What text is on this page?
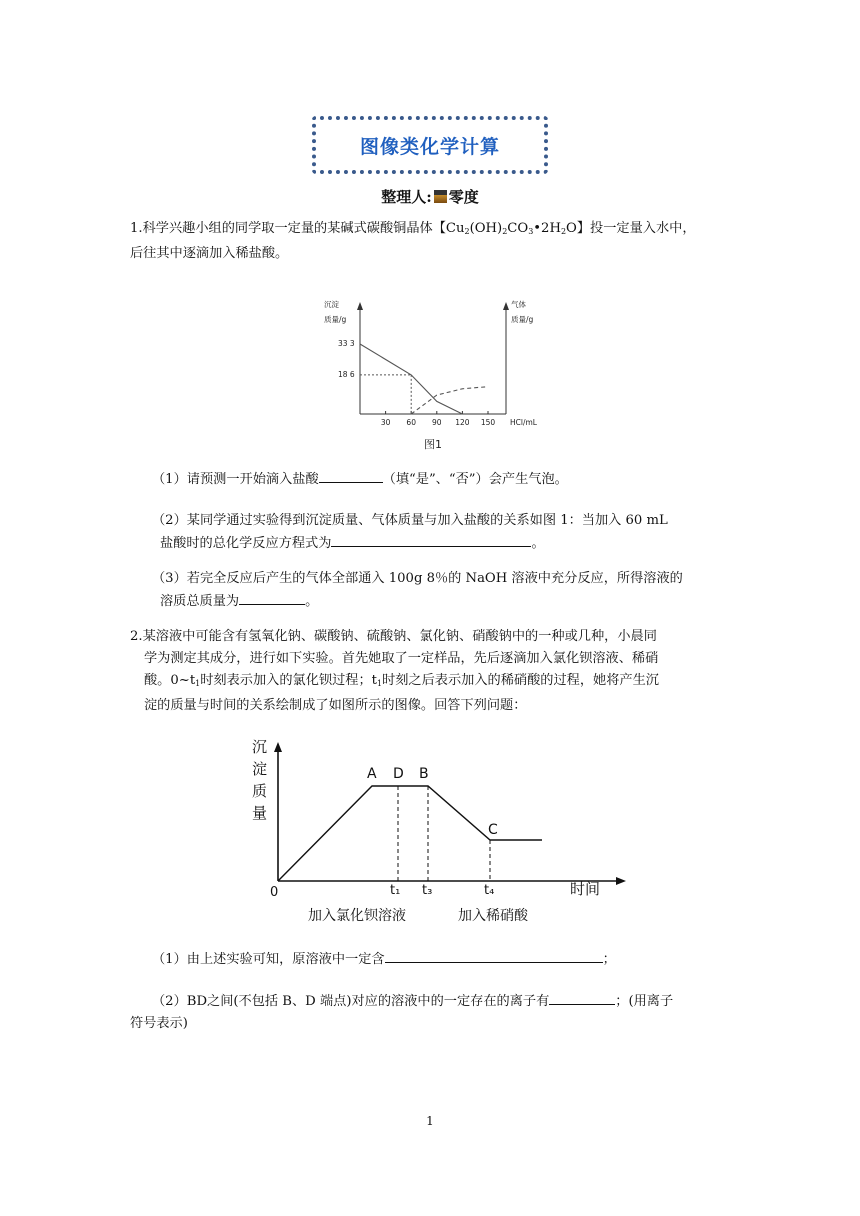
图像类化学计算
整理人: 零度
1.科学兴趣小组的同学取一定量的某碱式碳酸铜晶体【$Cu_2(OH)_2CO_3•2H_2O$】投一定量入水中，
后往其中逐滴加入稀盐酸。
沉淀
质量/g
气体
质量/g
33 3
18 6
HCl/mL
30 60 90 120 150
图1
（1）请预测一开始滴入盐酸	（填“是”、“否”）会产生气泡。
（2）某同学通过实验得到沉淀质量、气体质量与加入盐酸的关系如图 1：当加入 60 mL
盐酸时的总化学反应方程式为	。
（3）若完全反应后产生的气体全部通入 100g 8％的 NaOH 溶液中充分反应，所得溶液的
溶质总质量为	。
2.某溶液中可能含有氢氧化钠、碳酸钠、硫酸钠、氯化钠、硝酸钠中的一种或几种，小晨同
学为测定其成分，进行如下实验。首先她取了一定样品，先后逐滴加入氯化钡溶液、稀硝
酸。$0\sim t_1$时刻表示加入的氯化钡过程；$t_1$时刻之后表示加入的稀硝酸的过程，她将产生沉
淀的质量与时间的关系绘制成了如图所示的图像。回答下列问题：
沉
淀
质
量
A D B
C
0	t₁ t₃	t₄	时间
加入氯化钡溶液	加入稀硝酸
（1）由上述实验可知，原溶液中一定含	；
（2）BD之间(不包括 B、D 端点)对应的溶液中的一定存在的离子有	；(用离子
符号表示)
1
